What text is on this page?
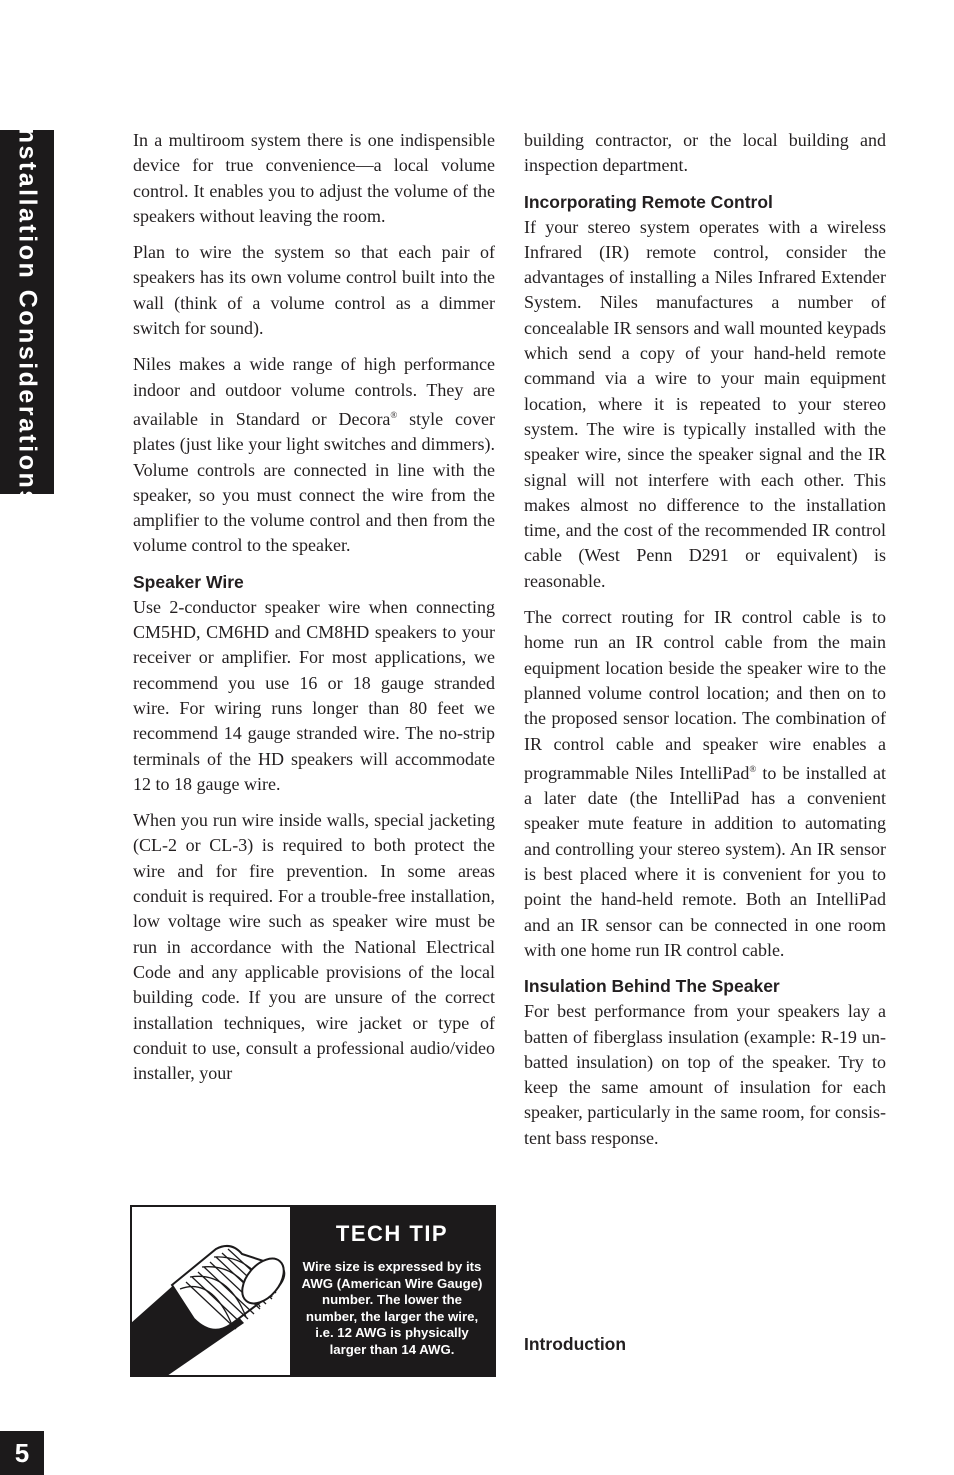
Installation Considerations	In a multiroom system there is one indispensible device for true convenience—a local volume control. It enables you to adjust the volume of the speakers without leaving the room.

Plan to wire the system so that each pair of speakers has its own volume control built into the wall (think of a volume control as a dimmer switch for sound).

Niles makes a wide range of high performance indoor and outdoor volume controls. They are available in Standard or Decora® style cover plates (just like your light switches and dimmers). Volume controls are connected in line with the speaker, so you must connect the wire from the amplifier to the volume control and then from the volume control to the speaker.

Speaker Wire

Use 2-conductor speaker wire when connecting CM5HD, CM6HD and CM8HD speakers to your receiver or amplifier. For most applications, we recommend you use 16 or 18 gauge stranded wire. For wiring runs longer than 80 feet we recommend 14 gauge stranded wire. The no-strip terminals of the HD speakers will accommodate 12 to 18 gauge wire.

When you run wire inside walls, special jacketing (CL-2 or CL-3) is required to both protect the wire and for fire prevention. In some areas conduit is required. For a trouble-free installation, low voltage wire such as speaker wire must be run in accordance with the National Electrical Code and any applicable provisions of the local building code. If you are unsure of the correct installation techniques, wire jacket or type of conduit to use, consult a professional audio/video installer, your

TECH TIP
Wire size is expressed by its AWG (American Wire Gauge) number. The lower the number, the larger the wire, i.e. 12 AWG is physically larger than 14 AWG.

building contractor, or the local building and inspection department.

Incorporating Remote Control

If your stereo system operates with a wireless Infrared (IR) remote control, consider the advantages of installing a Niles Infrared Extender System. Niles manufactures a number of concealable IR sensors and wall mounted keypads which send a copy of your hand-held remote command via a wire to your main equipment location, where it is repeated to your stereo system. The wire is typically installed with the speaker wire, since the speaker signal and the IR signal will not interfere with each other. This makes almost no difference to the installation time, and the cost of the recommended IR control cable (West Penn D291 or equivalent) is reasonable.

The correct routing for IR control cable is to home run an IR control cable from the main equipment location beside the speaker wire to the planned volume control location; and then on to the proposed sensor location. The combination of IR control cable and speaker wire enables a programmable Niles IntelliPad® to be installed at a later date (the IntelliPad has a convenient speaker mute feature in addition to automating and controlling your stereo system). An IR sensor is best placed where it is convenient for you to point the hand-held remote. Both an IntelliPad and an IR sensor can be connected in one room with one home run IR control cable.

Insulation Behind The Speaker

For best performance from your speakers lay a batten of fiberglass insulation (example: R-19 un-batted insulation) on top of the speaker. Try to keep the same amount of insulation for each speaker, particularly in the same room, for consistent bass response.

Introduction
5
